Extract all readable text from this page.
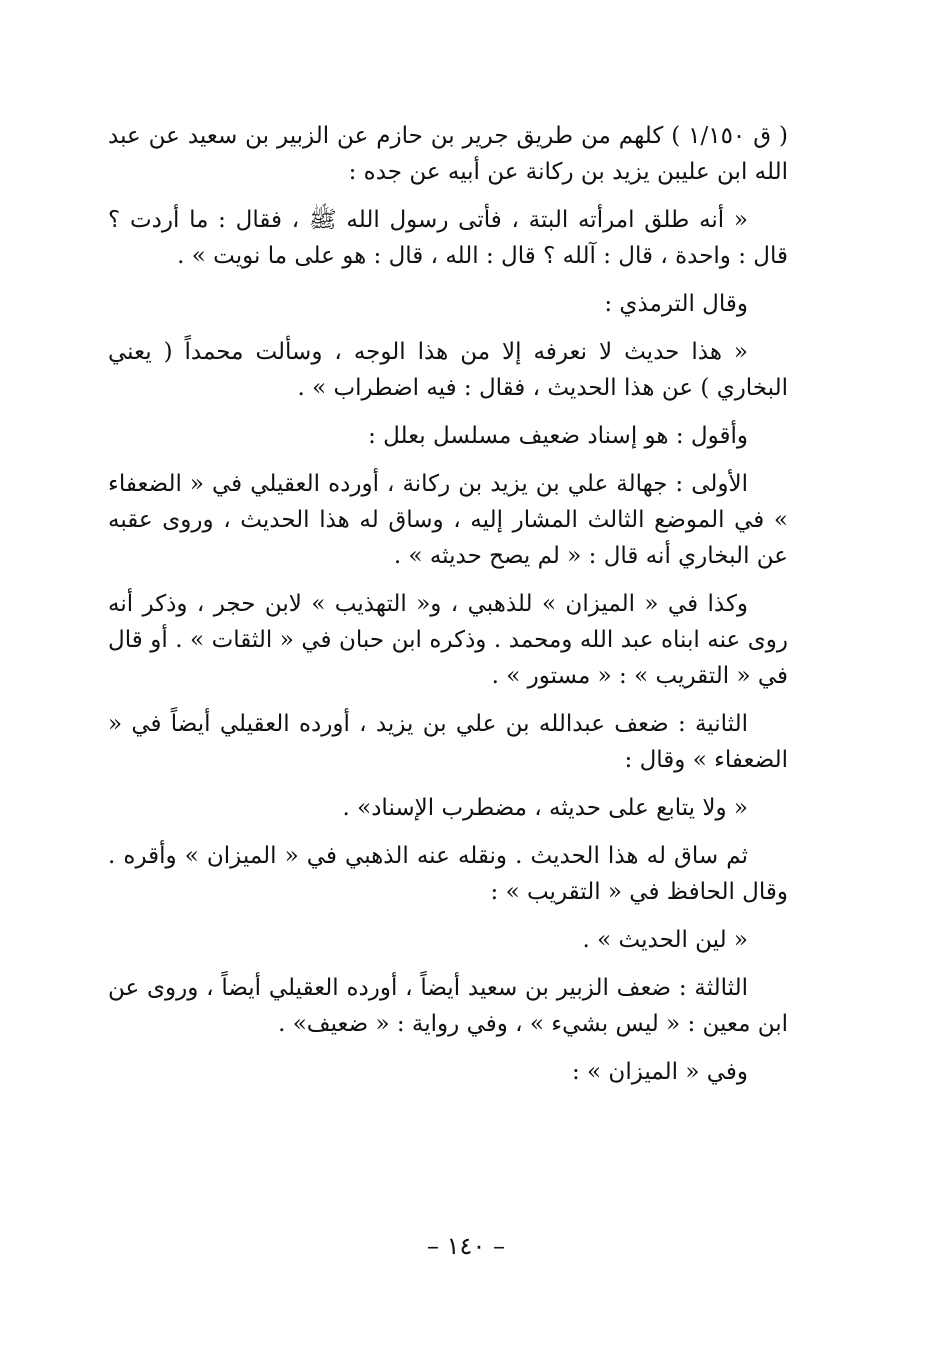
( ق ١/١٥٠ ) كلهم من طريق جرير بن حازم عن الزبير بن سعيد عن عبد الله ابن عليبن يزيد بن ركانة عن أبيه عن جده :

« أنه طلق امرأته البتة ، فأتى رسول الله ﷺ ، فقال : ما أردت ؟ قال : واحدة ، قال : آلله ؟ قال : الله ، قال : هو على ما نويت » .

وقال الترمذي :

« هذا حديث لا نعرفه إلا من هذا الوجه ، وسألت محمداً ( يعني البخاري ) عن هذا الحديث ، فقال : فيه اضطراب » .

وأقول : هو إسناد ضعيف مسلسل بعلل :

الأولى : جهالة علي بن يزيد بن ركانة ، أورده العقيلي في « الضعفاء » في الموضع الثالث المشار إليه ، وساق له هذا الحديث ، وروى عقبه عن البخاري أنه قال : « لم يصح حديثه » .

وكذا في « الميزان » للذهبي ، و« التهذيب » لابن حجر ، وذكر أنه روى عنه ابناه عبد الله ومحمد . وذكره ابن حبان في « الثقات » . أو قال في « التقريب » : « مستور » .

الثانية : ضعف عبدالله بن علي بن يزيد ، أورده العقيلي أيضاً في « الضعفاء » وقال :

« ولا يتابع على حديثه ، مضطرب الإسناد» .

ثم ساق له هذا الحديث . ونقله عنه الذهبي في « الميزان » وأقره . وقال الحافظ في « التقريب » :

« لين الحديث » .

الثالثة : ضعف الزبير بن سعيد أيضاً ، أورده العقيلي أيضاً ، وروى عن ابن معين : « ليس بشيء » ، وفي رواية : « ضعيف» .

وفي « الميزان » :

– ١٤٠ –
